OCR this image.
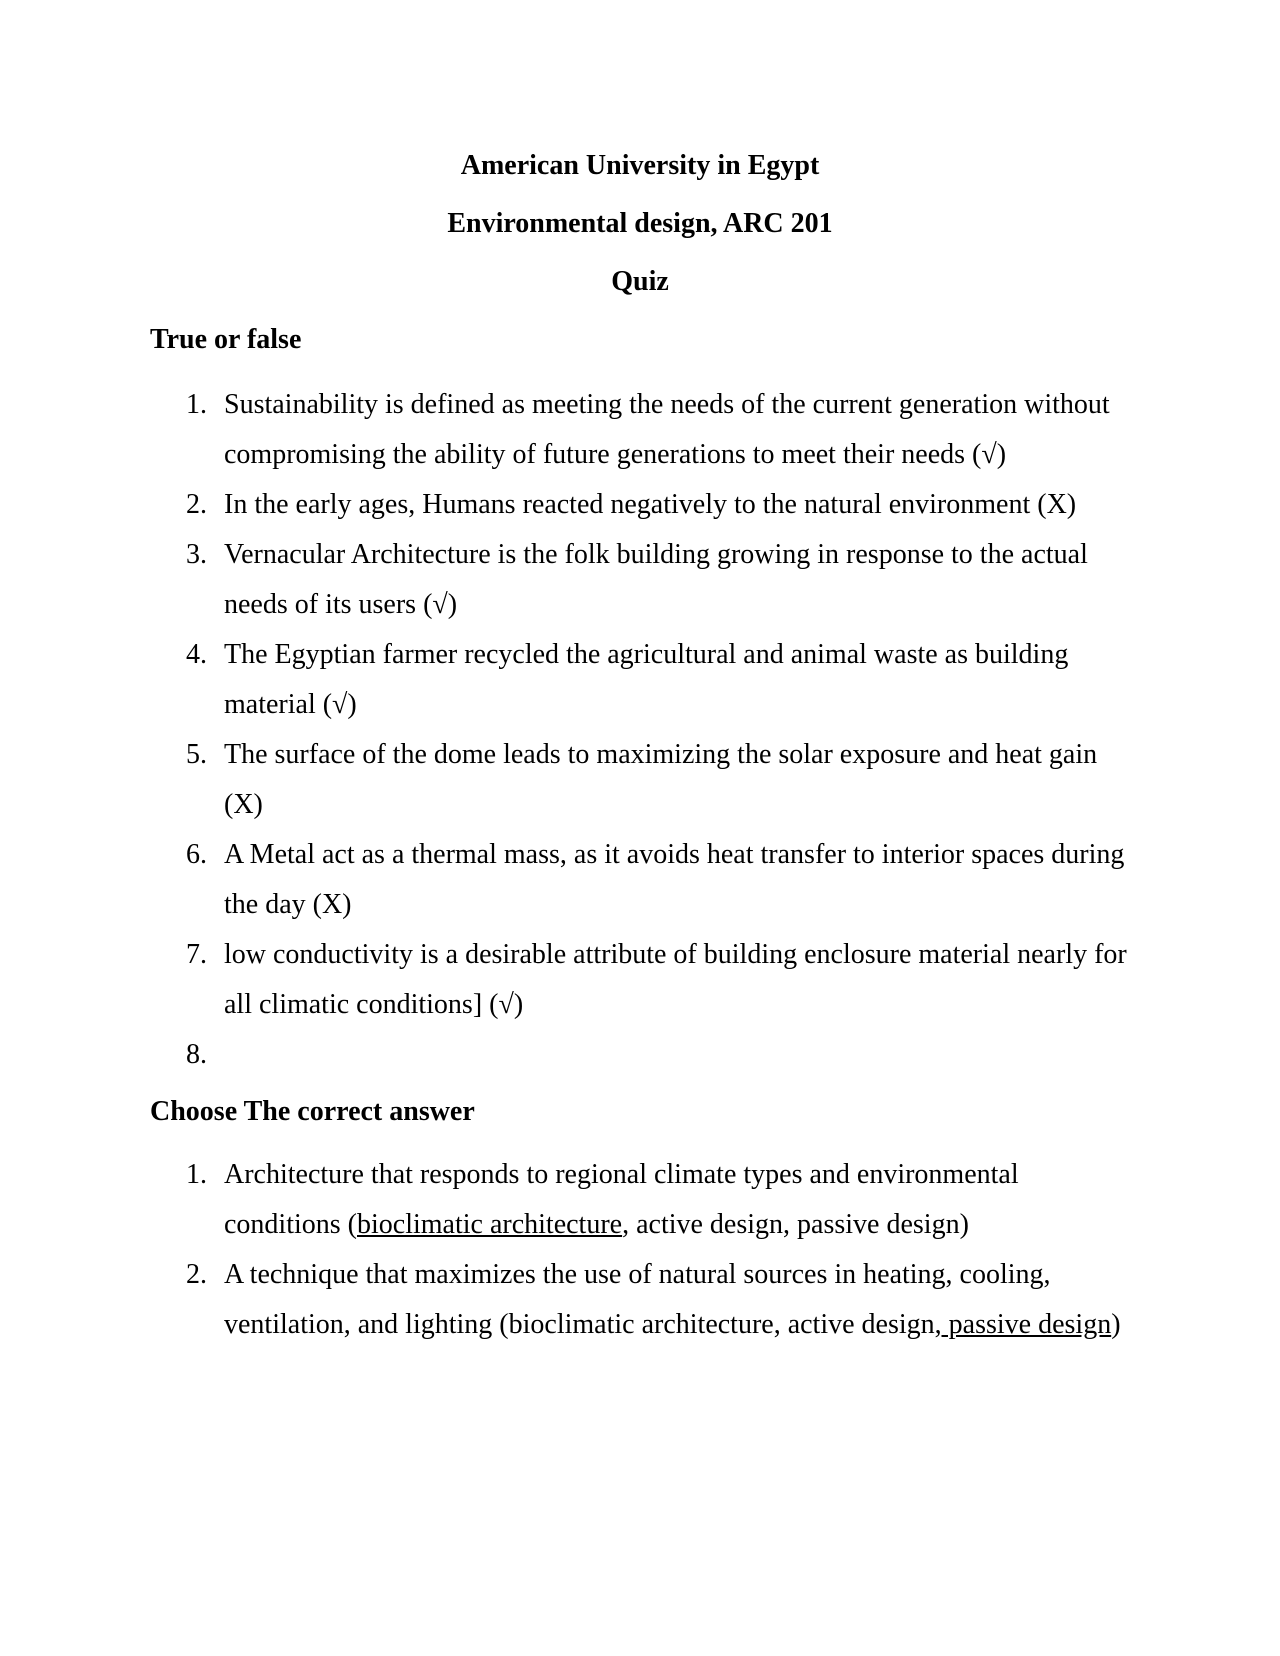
American University in Egypt
Environmental design, ARC 201
Quiz
True or false
1. Sustainability is defined as meeting the needs of the current generation without compromising the ability of future generations to meet their needs (√)
2. In the early ages, Humans reacted negatively to the natural environment (X)
3. Vernacular Architecture is the folk building growing in response to the actual needs of its users (√)
4. The Egyptian farmer recycled the agricultural and animal waste as building material (√)
5. The surface of the dome leads to maximizing the solar exposure and heat gain (X)
6. A Metal act as a thermal mass, as it avoids heat transfer to interior spaces during the day (X)
7. low conductivity is a desirable attribute of building enclosure material nearly for all climatic conditions] (√)
8.
Choose The correct answer
1. Architecture that responds to regional climate types and environmental conditions (bioclimatic architecture, active design, passive design)
2. A technique that maximizes the use of natural sources in heating, cooling, ventilation, and lighting (bioclimatic architecture, active design, passive design)
